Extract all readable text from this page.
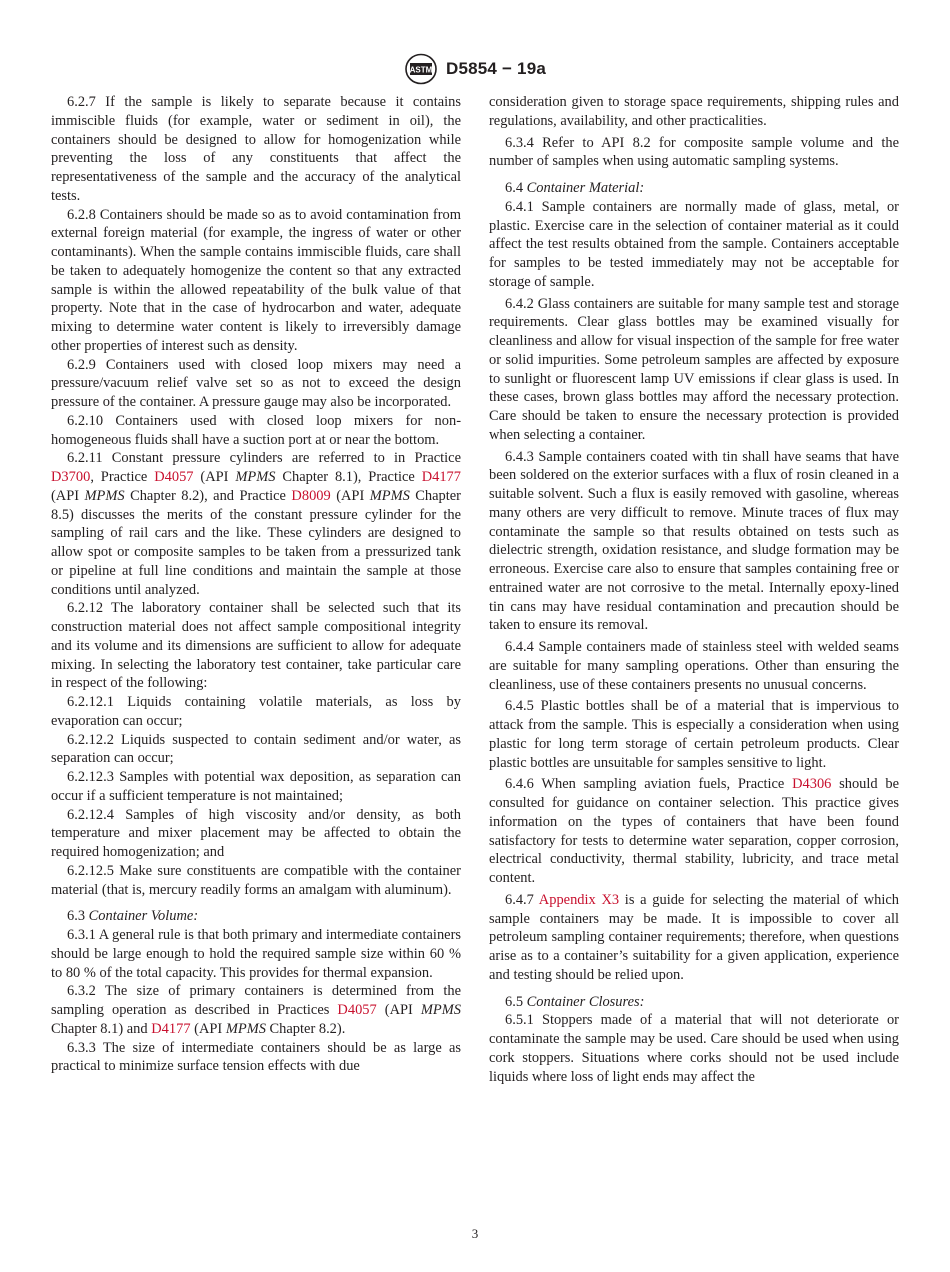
ASTM D5854 − 19a

6.2.7 If the sample is likely to separate because it contains immiscible fluids (for example, water or sediment in oil), the containers should be designed to allow for homogenization while preventing the loss of any constituents that affect the representativeness of the sample and the accuracy of the analytical tests.

6.2.8 Containers should be made so as to avoid contamination from external foreign material (for example, the ingress of water or other contaminants). When the sample contains immiscible fluids, care shall be taken to adequately homogenize the content so that any extracted sample is within the allowed repeatability of the bulk value of that property. Note that in the case of hydrocarbon and water, adequate mixing to determine water content is likely to irreversibly damage other properties of interest such as density.

6.2.9 Containers used with closed loop mixers may need a pressure/vacuum relief valve set so as not to exceed the design pressure of the container. A pressure gauge may also be incorporated.

6.2.10 Containers used with closed loop mixers for non-homogeneous fluids shall have a suction port at or near the bottom.

6.2.11 Constant pressure cylinders are referred to in Practice D3700, Practice D4057 (API MPMS Chapter 8.1), Practice D4177 (API MPMS Chapter 8.2), and Practice D8009 (API MPMS Chapter 8.5) discusses the merits of the constant pressure cylinder for the sampling of rail cars and the like. These cylinders are designed to allow spot or composite samples to be taken from a pressurized tank or pipeline at full line conditions and maintain the sample at those conditions until analyzed.

6.2.12 The laboratory container shall be selected such that its construction material does not affect sample compositional integrity and its volume and its dimensions are sufficient to allow for adequate mixing. In selecting the laboratory test container, take particular care in respect of the following:

6.2.12.1 Liquids containing volatile materials, as loss by evaporation can occur;

6.2.12.2 Liquids suspected to contain sediment and/or water, as separation can occur;

6.2.12.3 Samples with potential wax deposition, as separation can occur if a sufficient temperature is not maintained;

6.2.12.4 Samples of high viscosity and/or density, as both temperature and mixer placement may be affected to obtain the required homogenization; and

6.2.12.5 Make sure constituents are compatible with the container material (that is, mercury readily forms an amalgam with aluminum).

6.3 Container Volume:

6.3.1 A general rule is that both primary and intermediate containers should be large enough to hold the required sample size within 60 % to 80 % of the total capacity. This provides for thermal expansion.

6.3.2 The size of primary containers is determined from the sampling operation as described in Practices D4057 (API MPMS Chapter 8.1) and D4177 (API MPMS Chapter 8.2).

6.3.3 The size of intermediate containers should be as large as practical to minimize surface tension effects with due

consideration given to storage space requirements, shipping rules and regulations, availability, and other practicalities.

6.3.4 Refer to API 8.2 for composite sample volume and the number of samples when using automatic sampling systems.

6.4 Container Material:

6.4.1 Sample containers are normally made of glass, metal, or plastic. Exercise care in the selection of container material as it could affect the test results obtained from the sample. Containers acceptable for samples to be tested immediately may not be acceptable for storage of sample.

6.4.2 Glass containers are suitable for many sample test and storage requirements. Clear glass bottles may be examined visually for cleanliness and allow for visual inspection of the sample for free water or solid impurities. Some petroleum samples are affected by exposure to sunlight or fluorescent lamp UV emissions if clear glass is used. In these cases, brown glass bottles may afford the necessary protection. Care should be taken to ensure the necessary protection is provided when selecting a container.

6.4.3 Sample containers coated with tin shall have seams that have been soldered on the exterior surfaces with a flux of rosin cleaned in a suitable solvent. Such a flux is easily removed with gasoline, whereas many others are very difficult to remove. Minute traces of flux may contaminate the sample so that results obtained on tests such as dielectric strength, oxidation resistance, and sludge formation may be erroneous. Exercise care also to ensure that samples containing free or entrained water are not corrosive to the metal. Internally epoxy-lined tin cans may have residual contamination and precaution should be taken to ensure its removal.

6.4.4 Sample containers made of stainless steel with welded seams are suitable for many sampling operations. Other than ensuring the cleanliness, use of these containers presents no unusual concerns.

6.4.5 Plastic bottles shall be of a material that is impervious to attack from the sample. This is especially a consideration when using plastic for long term storage of certain petroleum products. Clear plastic bottles are unsuitable for samples sensitive to light.

6.4.6 When sampling aviation fuels, Practice D4306 should be consulted for guidance on container selection. This practice gives information on the types of containers that have been found satisfactory for tests to determine water separation, copper corrosion, electrical conductivity, thermal stability, lubricity, and trace metal content.

6.4.7 Appendix X3 is a guide for selecting the material of which sample containers may be made. It is impossible to cover all petroleum sampling container requirements; therefore, when questions arise as to a container’s suitability for a given application, experience and testing should be relied upon.

6.5 Container Closures:

6.5.1 Stoppers made of a material that will not deteriorate or contaminate the sample may be used. Care should be used when using cork stoppers. Situations where corks should not be used include liquids where loss of light ends may affect the

3
